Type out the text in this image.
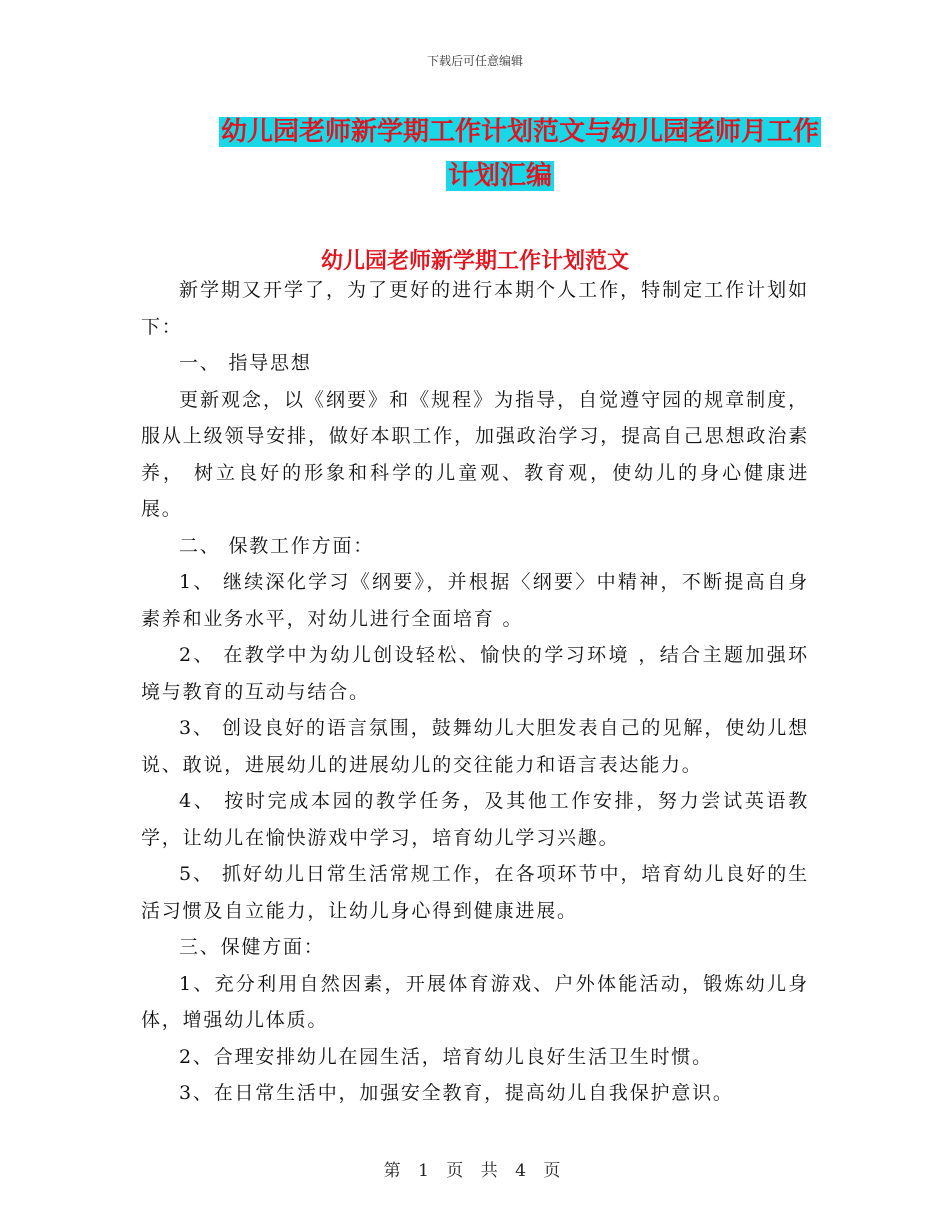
下载后可任意编辑
幼儿园老师新学期工作计划范文与幼儿园老师月工作
计划汇编
幼儿园老师新学期工作计划范文

新学期又开学了，为了更好的进行本期个人工作，特制定工作计划如下：

一、 指导思想

更新观念，以《纲要》和《规程》为指导，自觉遵守园的规章制度，服从上级领导安排，做好本职工作，加强政治学习，提高自己思想政治素养， 树立良好的形象和科学的儿童观、教育观，使幼儿的身心健康进展。

二、 保教工作方面：

1、 继续深化学习《纲要》，并根据〈纲要〉中精神，不断提高自身素养和业务水平，对幼儿进行全面培育 。

2、 在教学中为幼儿创设轻松、愉快的学习环境 ，结合主题加强环境与教育的互动与结合。

3、 创设良好的语言氛围，鼓舞幼儿大胆发表自己的见解，使幼儿想说、敢说，进展幼儿的进展幼儿的交往能力和语言表达能力。

4、 按时完成本园的教学任务，及其他工作安排，努力尝试英语教学，让幼儿在愉快游戏中学习，培育幼儿学习兴趣。

5、 抓好幼儿日常生活常规工作，在各项环节中，培育幼儿良好的生活习惯及自立能力，让幼儿身心得到健康进展。

三、保健方面：

1、充分利用自然因素，开展体育游戏、户外体能活动，锻炼幼儿身体，增强幼儿体质。

2、合理安排幼儿在园生活，培育幼儿良好生活卫生时惯。

3、在日常生活中，加强安全教育，提高幼儿自我保护意识。

第 1 页 共 4 页
